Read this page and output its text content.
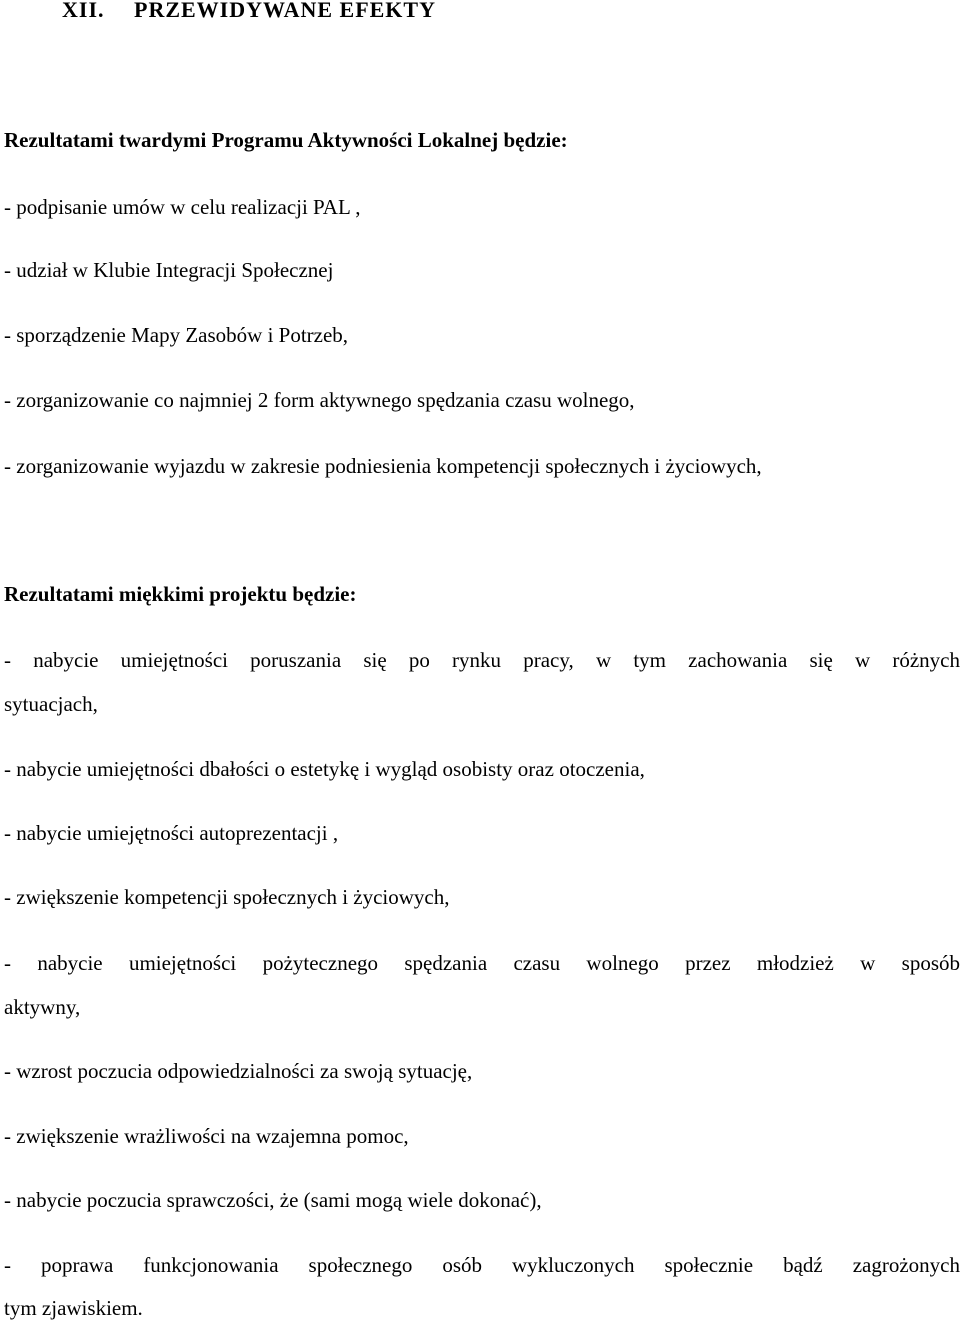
XII. PRZEWIDYWANE EFEKTY
Rezultatami twardymi Programu Aktywności Lokalnej będzie:
- podpisanie umów w celu realizacji PAL ,
- udział w Klubie Integracji Społecznej
- sporządzenie Mapy Zasobów i Potrzeb,
- zorganizowanie co najmniej 2 form aktywnego spędzania czasu wolnego,
- zorganizowanie wyjazdu w zakresie podniesienia kompetencji społecznych i życiowych,
Rezultatami miękkimi projektu będzie:
- nabycie umiejętności poruszania się po rynku pracy, w tym zachowania się w różnych
sytuacjach,
- nabycie umiejętności dbałości o estetykę i wygląd osobisty oraz otoczenia,
- nabycie umiejętności autoprezentacji ,
- zwiększenie kompetencji społecznych i życiowych,
- nabycie umiejętności pożytecznego spędzania czasu wolnego przez młodzież w sposób
aktywny,
- wzrost poczucia odpowiedzialności za swoją sytuację,
- zwiększenie wrażliwości na wzajemna pomoc,
- nabycie poczucia sprawczości, że (sami mogą wiele dokonać),
- poprawa funkcjonowania społecznego osób wykluczonych społecznie bądź zagrożonych
tym zjawiskiem.
